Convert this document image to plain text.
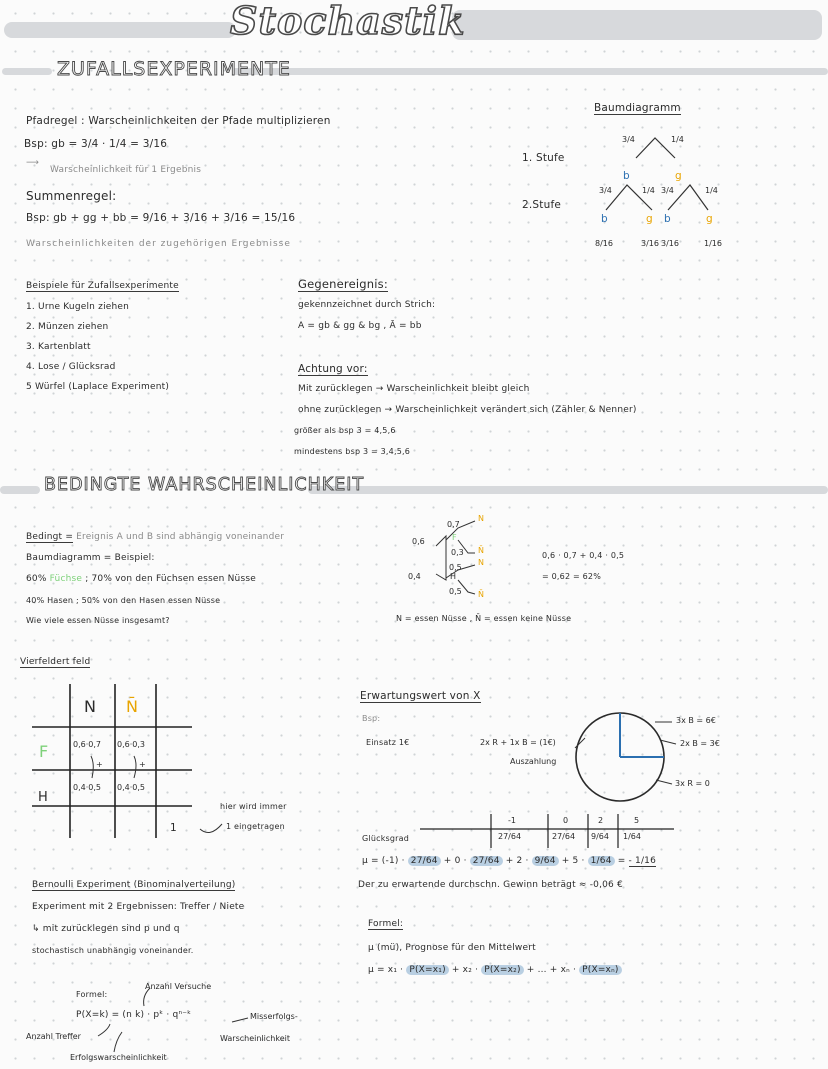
Stochastik
ZUFALLSEXPERIMENTE
Pfadregel : Warscheinlichkeiten der Pfade multiplizieren
Bsp: gb = 3/4 · 1/4 = 3/16
Warscheinlichkeit für 1 Ergebnis
⟶
Summenregel:
Bsp: gb + gg + bb = 9/16 + 3/16 + 3/16 = 15/16
Warscheinlichkeiten der zugehörigen Ergebnisse
Baumdiagramm
1. Stufe
2.Stufe
3/4	1/4
b	g
3/4	1/4 3/4	1/4
b	g b	g
8/16	3/16 3/16	1/16
Beispiele für Zufallsexperimente
1. Urne Kugeln ziehen
2. Münzen ziehen
3. Kartenblatt
4. Lose / Glücksrad
5 Würfel (Laplace Experiment)
Gegenereignis:
gekennzeichnet durch Strich:
A = gb & gg & bg , Ā = bb
Achtung vor:
Mit zurücklegen → Warscheinlichkeit bleibt gleich
ohne zurücklegen → Warscheinlichkeit verändert sich (Zähler & Nenner)
größer als bsp 3 = 4,5,6
mindestens bsp 3 = 3,4,5,6
BEDINGTE WAHRSCHEINLICHKEIT
Bedingt = Ereignis A und B sind abhängig voneinander
Baumdiagramm = Beispiel:
60% Füchse ; 70% von den Füchsen essen Nüsse
40% Hasen ; 50% von den Hasen essen Nüsse
Wie viele essen Nüsse insgesamt?
0,6
0,4
F
H
0,7
0,3
0,5
0,5
N
N̄
N
N̄
0,6 · 0,7 + 0,4 · 0,5
= 0,62 = 62%
N = essen Nüsse , N̄ = essen keine Nüsse
Vierfeldert feld
N N̄
F
H
0,6·0,7 0,6·0,3
0,4·0,5 0,4·0,5
+	+
1
hier wird immer
1 eingetragen
Erwartungswert von X
Bsp:
Einsatz 1€	2x R + 1x B = (1€)
Auszahlung
3x B = 6€
2x B = 3€
3x R = 0
Glücksgrad
-1	0	2	5
27/64	27/64 9/64 1/64
μ = (-1) · 27/64 + 0 · 27/64 + 2 · 9/64 + 5 · 1/64 = - 1/16
Der zu erwartende durchschn. Gewinn beträgt ≈ -0,06 €
Formel:
μ (mü), Prognose für den Mittelwert
μ = x₁ · P(X=x₁) + x₂ · P(X=x₂) + ... + xₙ · P(X=xₙ)
Bernoulli Experiment (Binominalverteilung)
Experiment mit 2 Ergebnissen: Treffer / Niete
↳ mit zurücklegen sind p und q
stochastisch unabhängig voneinander.
Formel:
Anzahl Versuche
P(X=k) = (n k) · pᵏ · qⁿ⁻ᵏ	Misserfolgs-
Warscheinlichkeit
Anzahl Treffer
Erfolgswarscheinlichkeit
